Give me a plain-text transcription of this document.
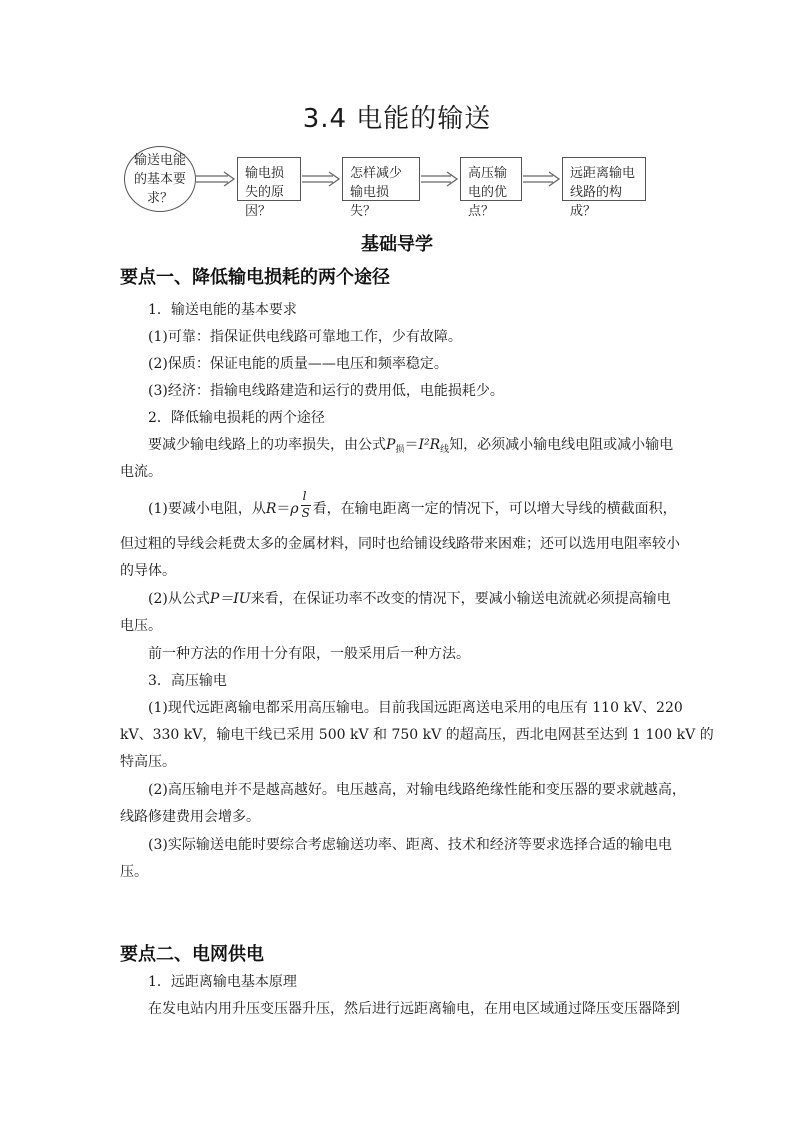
3.4 电能的输送
输送电能的基本要求？
输电损失的原因？
怎样减少输电损失？
高压输电的优点？
远距离输电线路的构成？
基础导学
要点一、降低输电损耗的两个途径
1．输送电能的基本要求
(1)可靠：指保证供电线路可靠地工作，少有故障。
(2)保质：保证电能的质量——电压和频率稳定。
(3)经济：指输电线路建造和运行的费用低，电能损耗少。
2．降低输电损耗的两个途径
要减少输电线路上的功率损失，由公式$P_损=I^2R_线$知，必须减小输电线电阻或减小输电
电流。
(1)要减小电阻，从$R=\rho \frac{l}{S}$ 看，在输电距离一定的情况下，可以增大导线的横截面积，
但过粗的导线会耗费太多的金属材料，同时也给铺设线路带来困难；还可以选用电阻率较小
的导体。
(2)从公式P＝IU来看，在保证功率不改变的情况下，要减小输送电流就必须提高输电
电压。
前一种方法的作用十分有限，一般采用后一种方法。
3．高压输电
(1)现代远距离输电都采用高压输电。目前我国远距离送电采用的电压有 110 kV、220
kV、330 kV，输电干线已采用 500 kV 和 750 kV 的超高压，西北电网甚至达到 1 100 kV 的
特高压。
(2)高压输电并不是越高越好。电压越高，对输电线路绝缘性能和变压器的要求就越高，
线路修建费用会增多。
(3)实际输送电能时要综合考虑输送功率、距离、技术和经济等要求选择合适的输电电
压。
要点二、电网供电
1．远距离输电基本原理
在发电站内用升压变压器升压，然后进行远距离输电，在用电区域通过降压变压器降到
